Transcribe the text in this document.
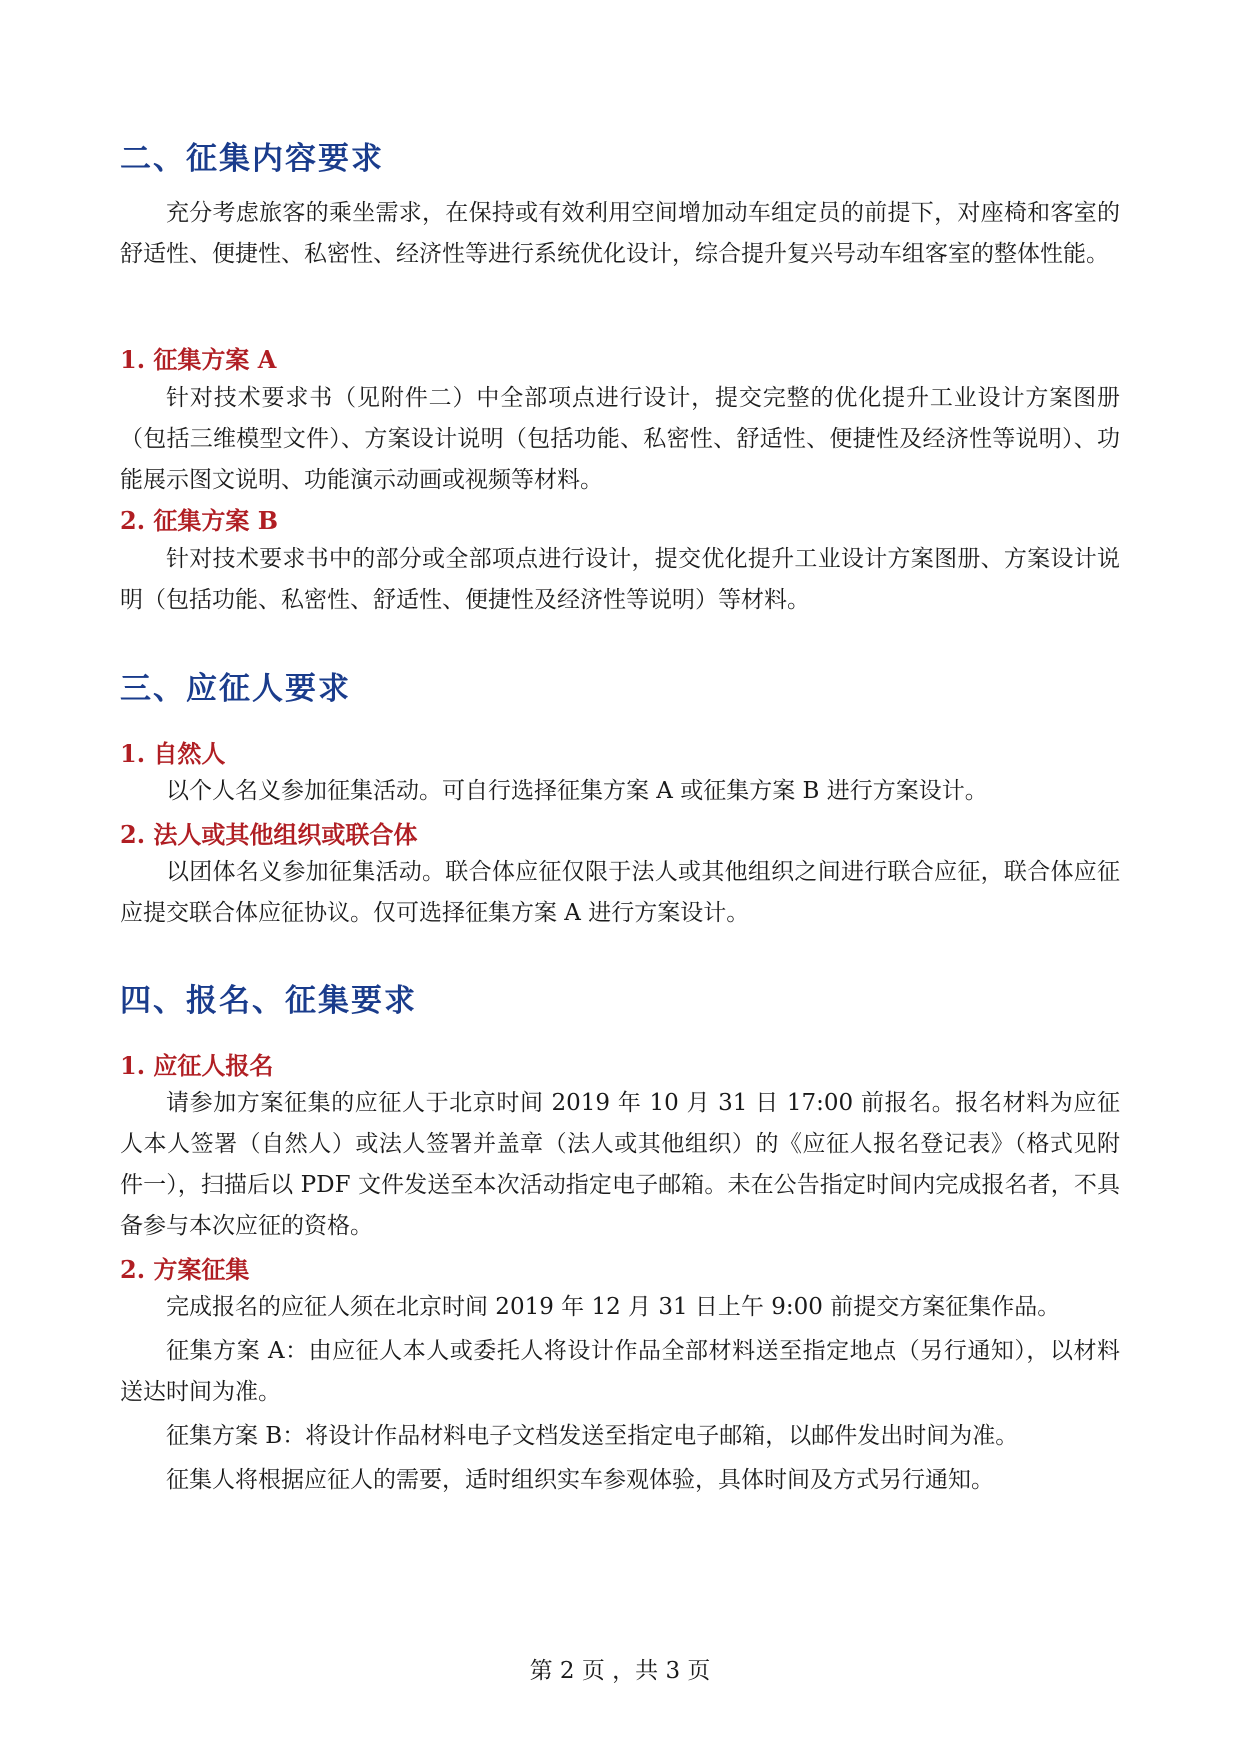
二、征集内容要求

充分考虑旅客的乘坐需求，在保持或有效利用空间增加动车组定员的前提下，对座椅和客室的舒适性、便捷性、私密性、经济性等进行系统优化设计，综合提升复兴号动车组客室的整体性能。

1. 征集方案 A

针对技术要求书（见附件二）中全部项点进行设计，提交完整的优化提升工业设计方案图册（包括三维模型文件）、方案设计说明（包括功能、私密性、舒适性、便捷性及经济性等说明）、功能展示图文说明、功能演示动画或视频等材料。

2. 征集方案 B

针对技术要求书中的部分或全部项点进行设计，提交优化提升工业设计方案图册、方案设计说明（包括功能、私密性、舒适性、便捷性及经济性等说明）等材料。

三、应征人要求
1. 自然人

以个人名义参加征集活动。可自行选择征集方案 A 或征集方案 B 进行方案设计。

2. 法人或其他组织或联合体

以团体名义参加征集活动。联合体应征仅限于法人或其他组织之间进行联合应征，联合体应征应提交联合体应征协议。仅可选择征集方案 A 进行方案设计。

四、报名、征集要求
1. 应征人报名

请参加方案征集的应征人于北京时间 2019 年 10 月 31 日 17:00 前报名。报名材料为应征人本人签署（自然人）或法人签署并盖章（法人或其他组织）的《应征人报名登记表》（格式见附件一），扫描后以 PDF 文件发送至本次活动指定电子邮箱。未在公告指定时间内完成报名者，不具备参与本次应征的资格。

2. 方案征集

完成报名的应征人须在北京时间 2019 年 12 月 31 日上午 9:00 前提交方案征集作品。

征集方案 A：由应征人本人或委托人将设计作品全部材料送至指定地点（另行通知），以材料送达时间为准。

征集方案 B：将设计作品材料电子文档发送至指定电子邮箱，以邮件发出时间为准。

征集人将根据应征人的需要，适时组织实车参观体验，具体时间及方式另行通知。

第 2 页 ，共 3 页
